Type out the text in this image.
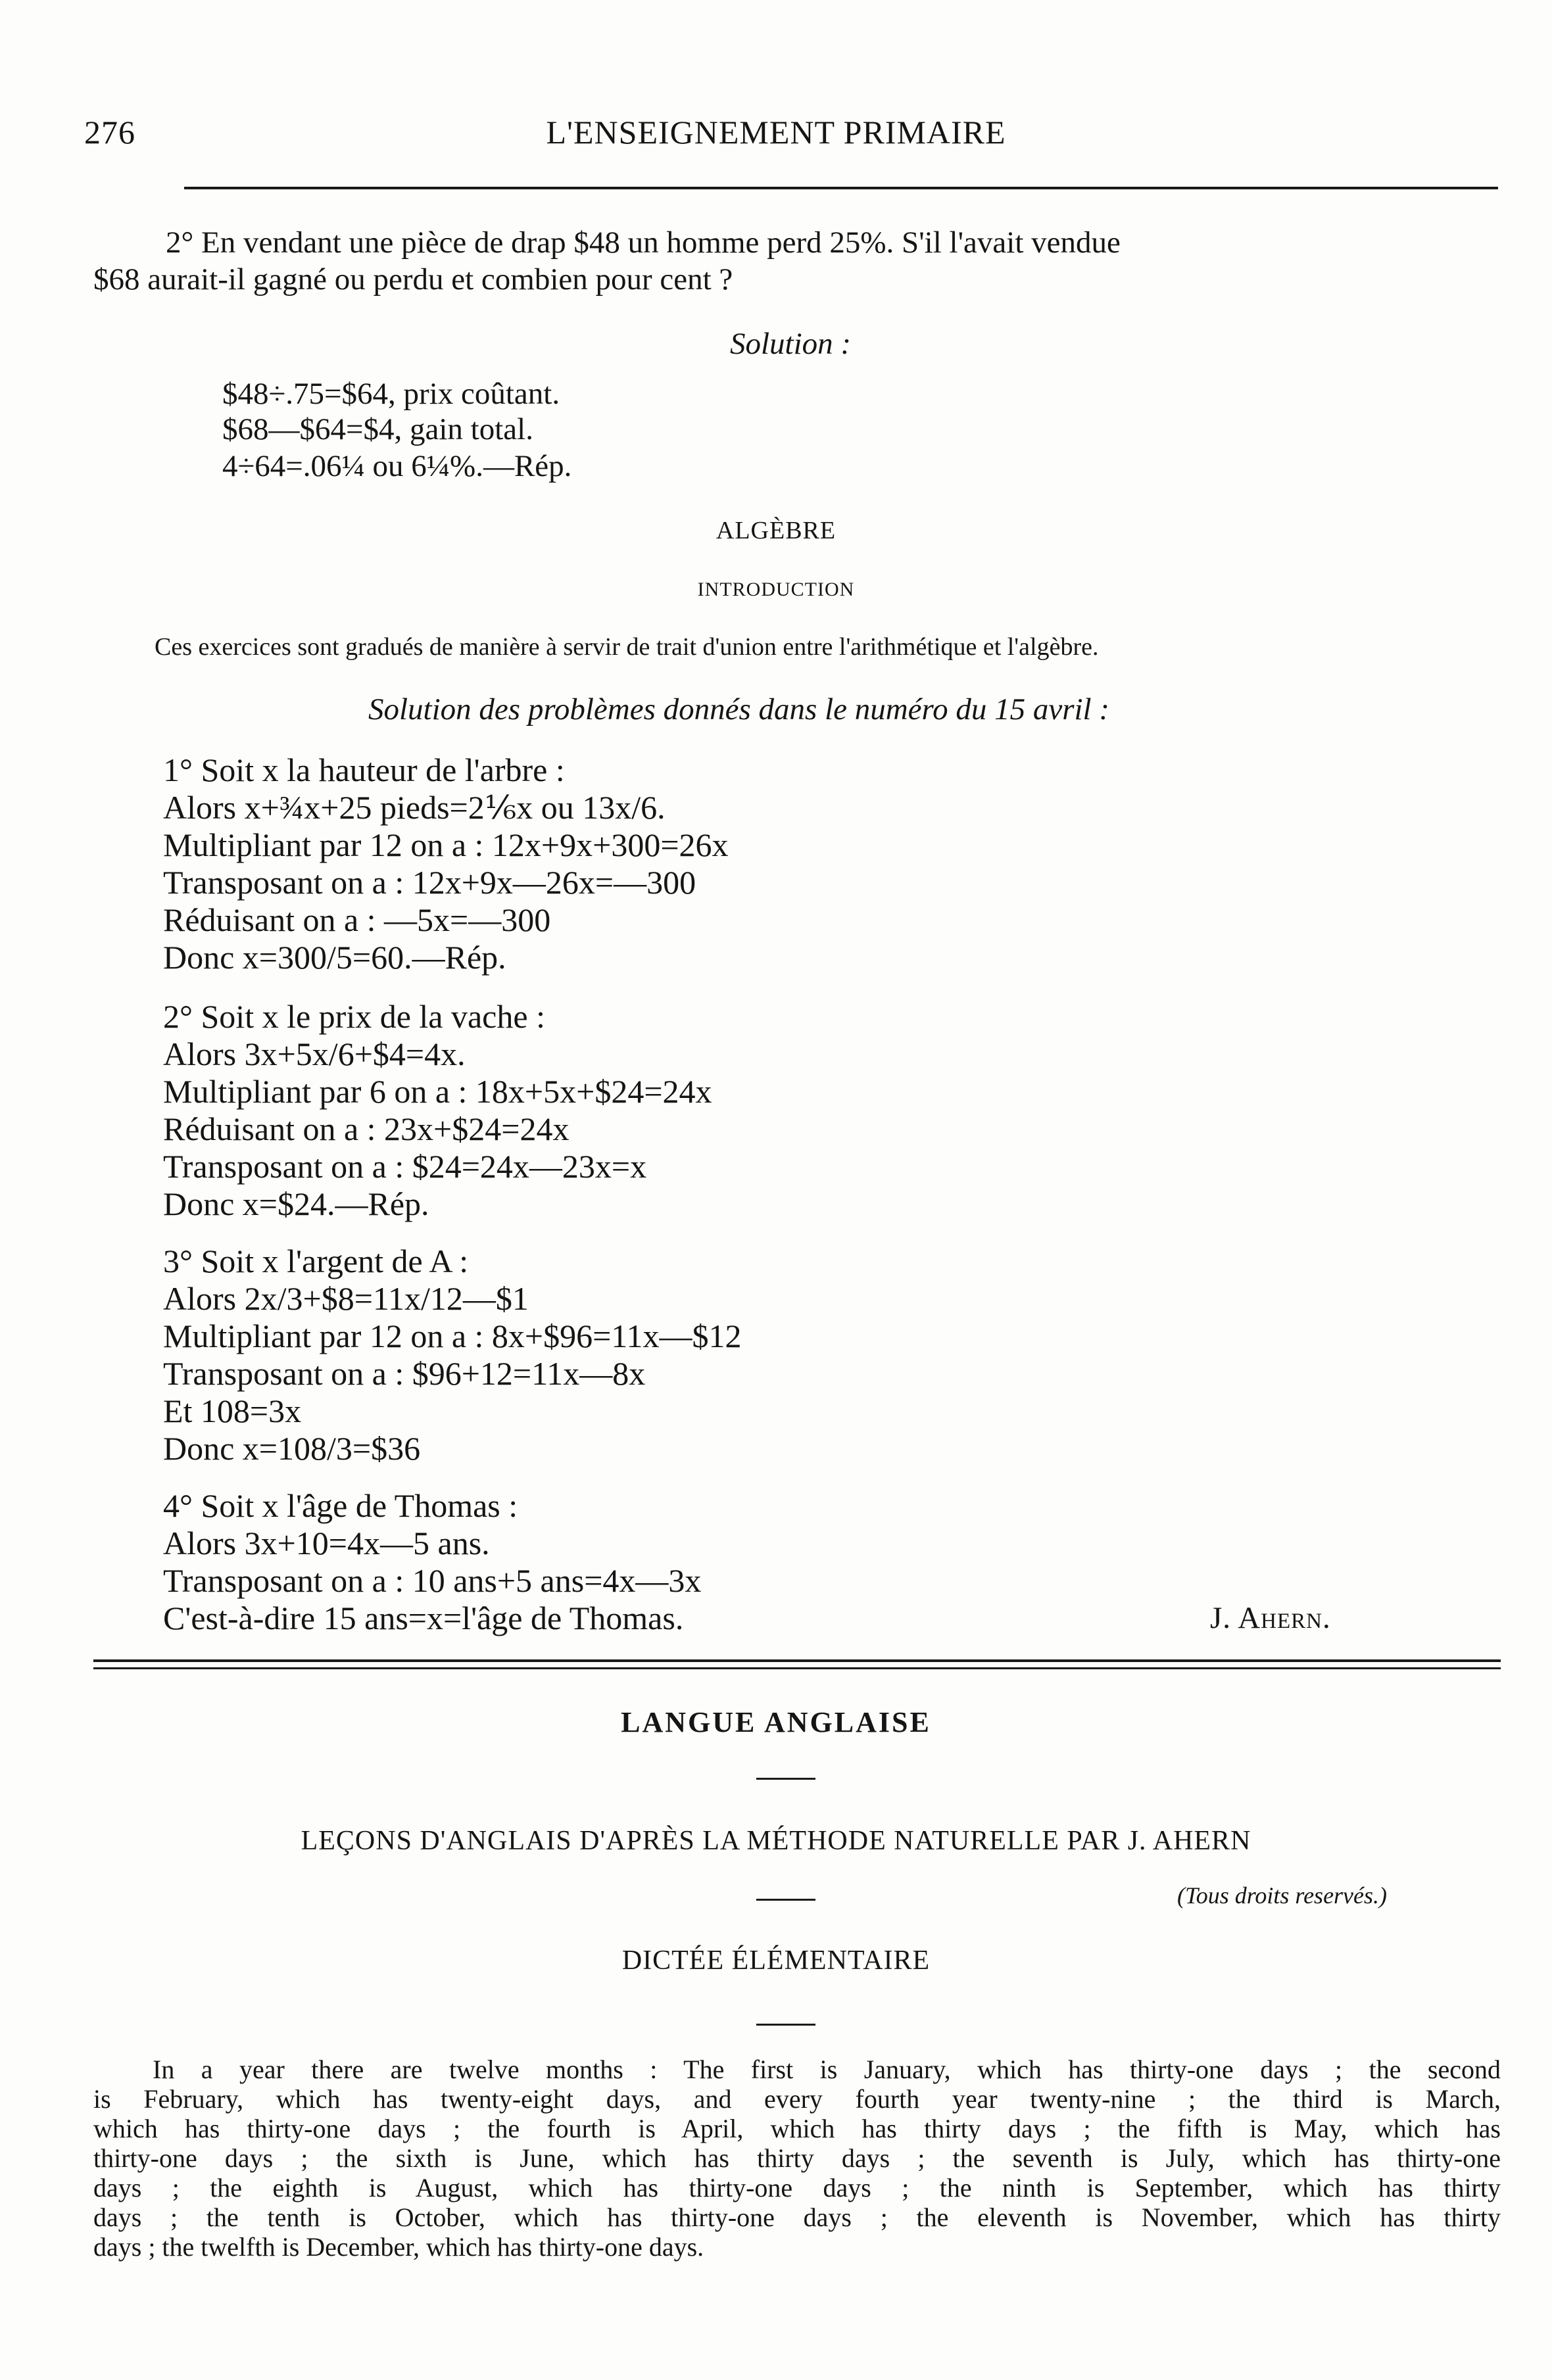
276	L'ENSEIGNEMENT PRIMAIRE
2° En vendant une pièce de drap $48 un homme perd 25%. S'il l'avait vendue
$68 aurait-il gagné ou perdu et combien pour cent ?
Solution :
$48÷.75=$64, prix coûtant.
$68—$64=$4, gain total.
4÷64=.06¼ ou 6¼%.—Rép.
ALGÈBRE
INTRODUCTION
Ces exercices sont gradués de manière à servir de trait d'union entre l'arithmétique et l'algèbre.
Solution des problèmes donnés dans le numéro du 15 avril :
1° Soit x la hauteur de l'arbre :
Alors x+¾x+25 pieds=2⅙x ou 13x/6.
Multipliant par 12 on a : 12x+9x+300=26x
Transposant on a : 12x+9x—26x=—300
Réduisant on a : —5x=—300
Donc x=300/5=60.—Rép.
2° Soit x le prix de la vache :
Alors 3x+5x/6+$4=4x.
Multipliant par 6 on a : 18x+5x+$24=24x
Réduisant on a : 23x+$24=24x
Transposant on a : $24=24x—23x=x
Donc x=$24.—Rép.
3° Soit x l'argent de A :
Alors 2x/3+$8=11x/12—$1
Multipliant par 12 on a : 8x+$96=11x—$12
Transposant on a : $96+12=11x—8x
Et 108=3x
Donc x=108/3=$36
4° Soit x l'âge de Thomas :
Alors 3x+10=4x—5 ans.
Transposant on a : 10 ans+5 ans=4x—3x
C'est-à-dire 15 ans=x=l'âge de Thomas.	J. Ahern.
LANGUE ANGLAISE
LEÇONS D'ANGLAIS D'APRÈS LA MÉTHODE NATURELLE PAR J. AHERN
(Tous droits reservés.)
DICTÉE ÉLÉMENTAIRE
In a year there are twelve months : The first is January, which has thirty-one days ; the second
is February, which has twenty-eight days, and every fourth year twenty-nine ; the third is March,
which has thirty-one days ; the fourth is April, which has thirty days ; the fifth is May, which has
thirty-one days ; the sixth is June, which has thirty days ; the seventh is July, which has thirty-one
days ; the eighth is August, which has thirty-one days ; the ninth is September, which has thirty
days ; the tenth is October, which has thirty-one days ; the eleventh is November, which has thirty
days ; the twelfth is December, which has thirty-one days.
